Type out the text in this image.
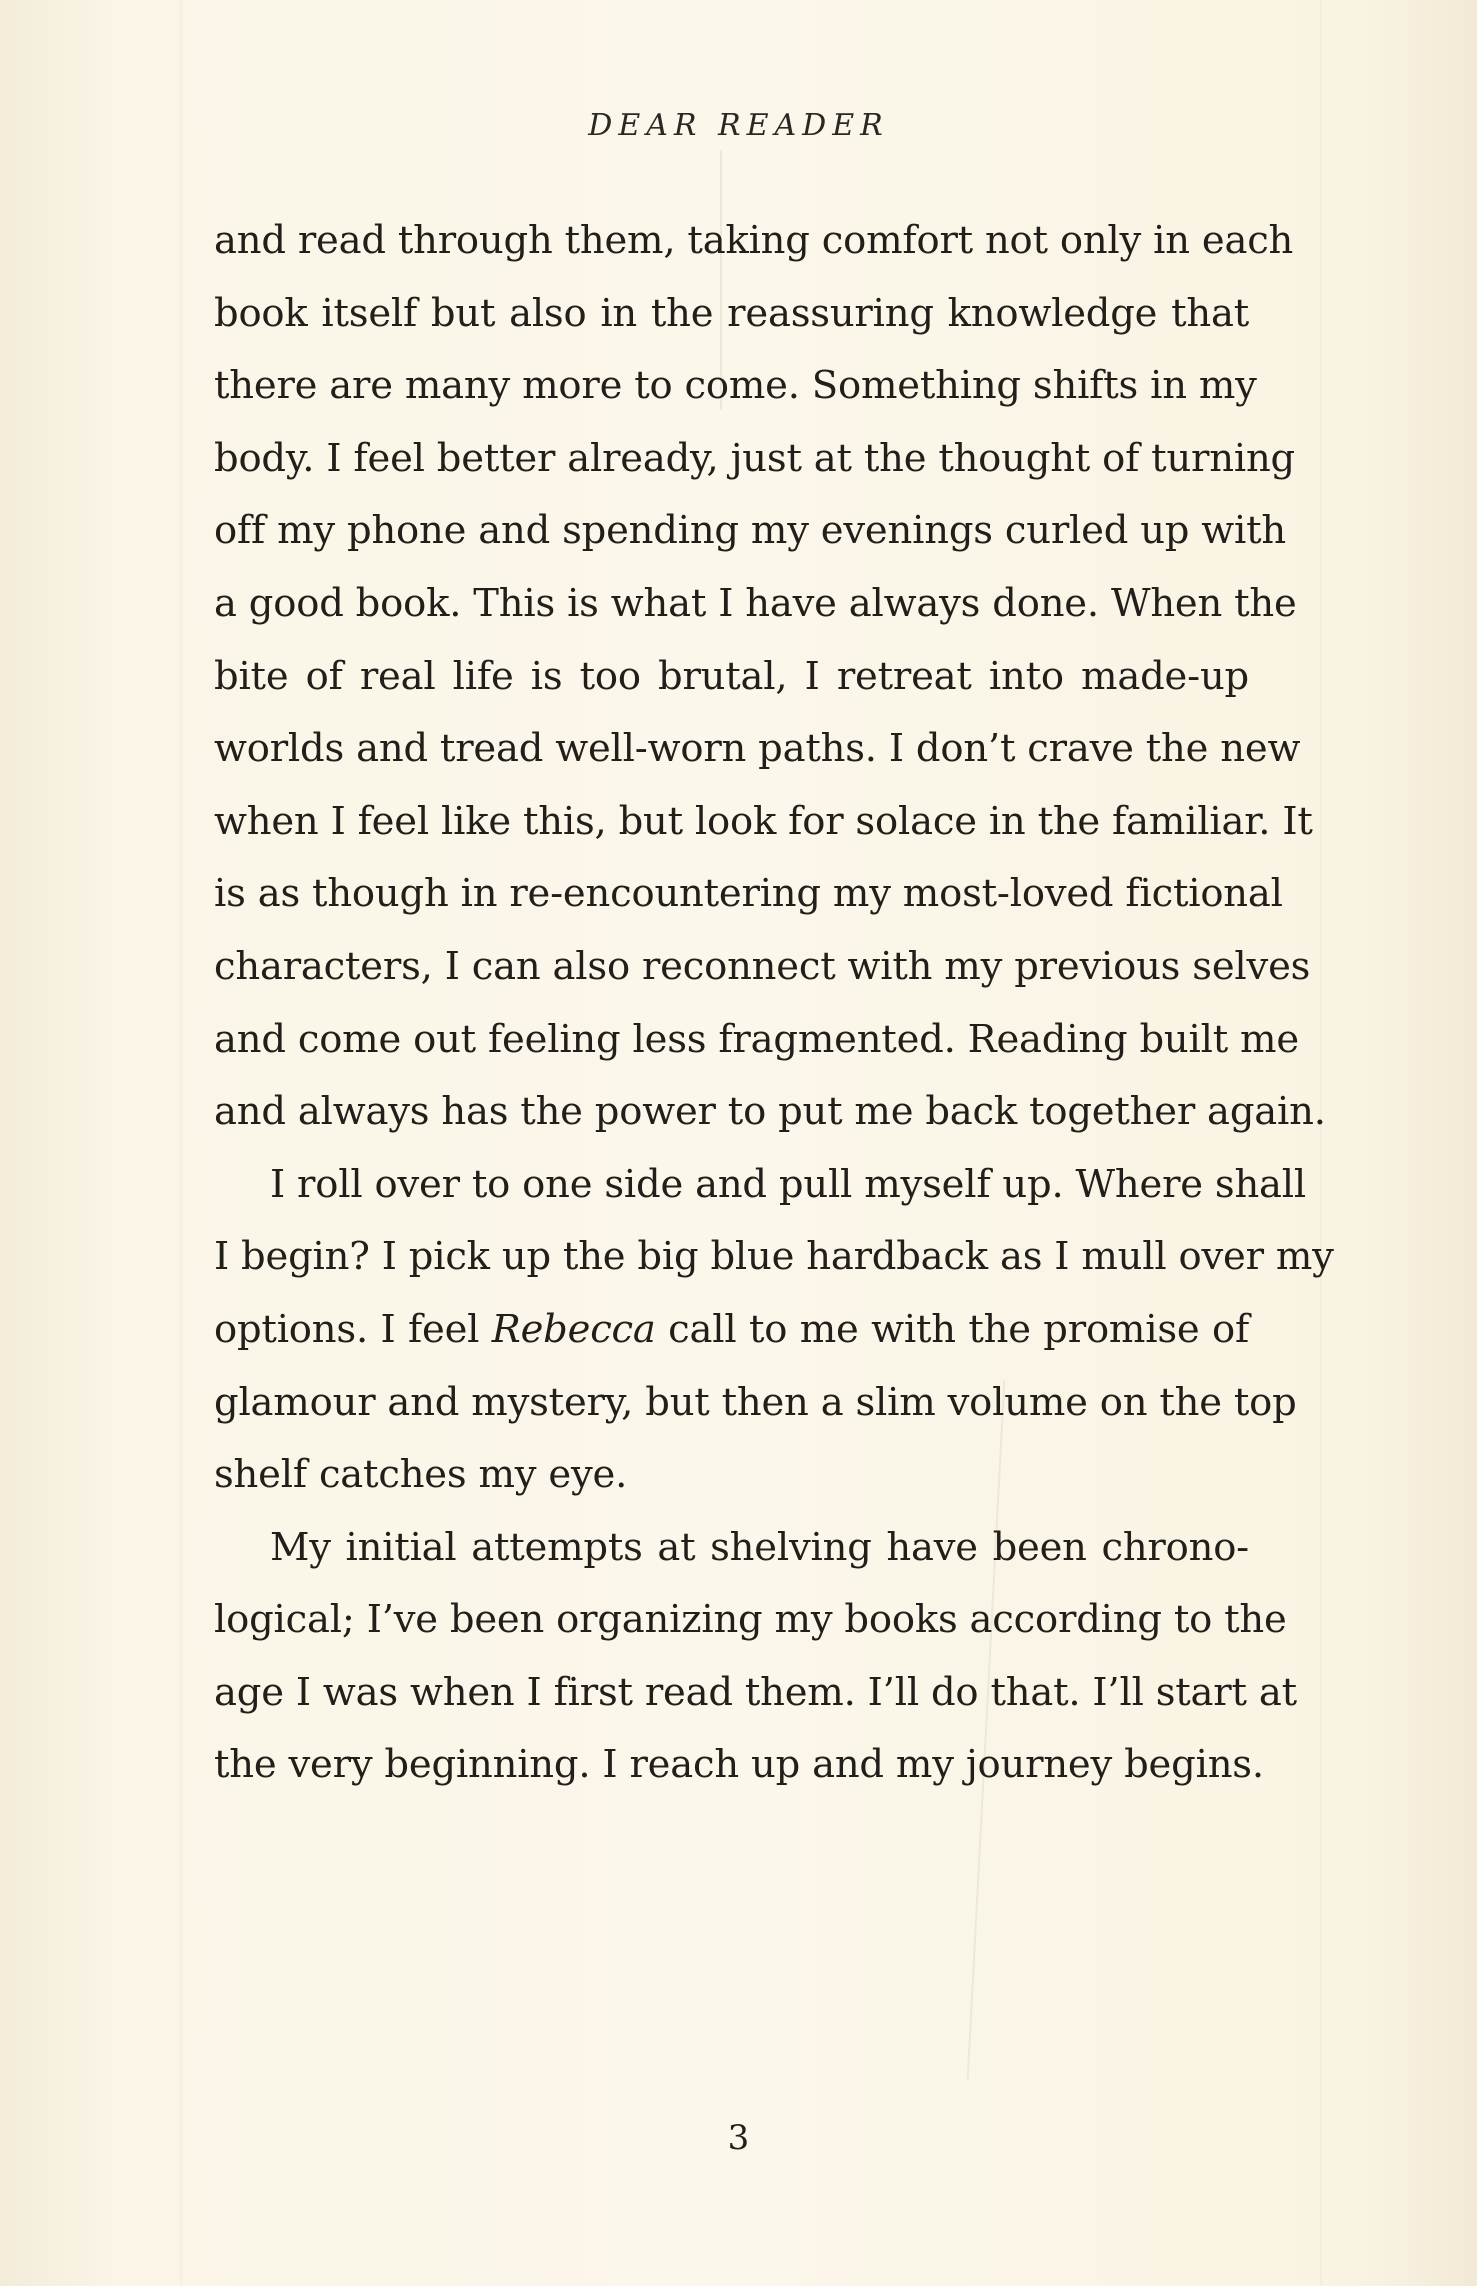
DEAR READER
and read through them, taking comfort not only in each
book itself but also in the reassuring knowledge that
there are many more to come. Something shifts in my
body. I feel better already, just at the thought of turning
off my phone and spending my evenings curled up with
a good book. This is what I have always done. When the
bite of real life is too brutal, I retreat into made-up
worlds and tread well-worn paths. I don’t crave the new
when I feel like this, but look for solace in the familiar. It
is as though in re-encountering my most-loved fictional
characters, I can also reconnect with my previous selves
and come out feeling less fragmented. Reading built me
and always has the power to put me back together again.
I roll over to one side and pull myself up. Where shall
I begin? I pick up the big blue hardback as I mull over my
options. I feel Rebecca call to me with the promise of
glamour and mystery, but then a slim volume on the top
shelf catches my eye.
My initial attempts at shelving have been chrono-
logical; I’ve been organizing my books according to the
age I was when I first read them. I’ll do that. I’ll start at
the very beginning. I reach up and my journey begins.
3
